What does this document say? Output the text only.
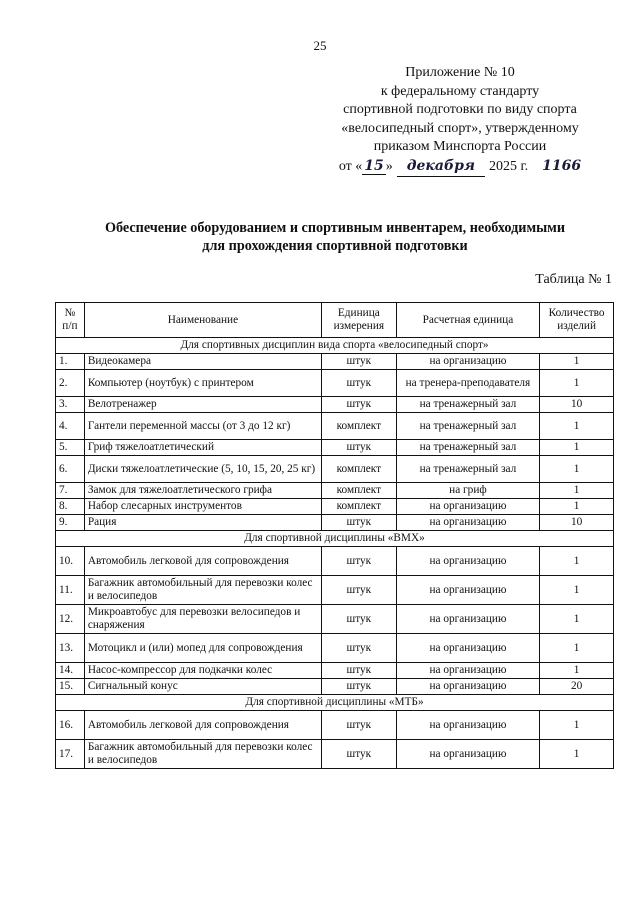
25
Приложение № 10
к федеральному стандарту
спортивной подготовки по виду спорта
«велосипедный спорт», утвержденному
приказом Минспорта России
от « 15 »	декабря	2025 г. 1166
Обеспечение оборудованием и спортивным инвентарем, необходимыми
для прохождения спортивной подготовки
Таблица № 1
№ п/п	Наименование	Единица измерения	Расчетная единица	Количество изделий
Для спортивных дисциплин вида спорта «велосипедный спорт»				
1.	Видеокамера	штук	на организацию	1
2.	Компьютер (ноутбук) с принтером	штук	на тренера-преподавателя	1
3.	Велотренажер	штук	на тренажерный зал	10
4.	Гантели переменной массы (от 3 до 12 кг)	комплект	на тренажерный зал	1
5.	Гриф тяжелоатлетический	штук	на тренажерный зал	1
6.	Диски тяжелоатлетические (5, 10, 15, 20, 25 кг)	комплект	на тренажерный зал	1
7.	Замок для тяжелоатлетического грифа	комплект	на гриф	1
8.	Набор слесарных инструментов	комплект	на организацию	1
9.	Рация	штук	на организацию	10
Для спортивной дисциплины «BMX»				
10.	Автомобиль легковой для сопровождения	штук	на организацию	1
11.	Багажник автомобильный для перевозки колес и велосипедов	штук	на организацию	1
12.	Микроавтобус для перевозки велосипедов и снаряжения	штук	на организацию	1
13.	Мотоцикл и (или) мопед для сопровождения	штук	на организацию	1
14.	Насос-компрессор для подкачки колес	штук	на организацию	1
15.	Сигнальный конус	штук	на организацию	20
Для спортивной дисциплины «МТБ»				
16.	Автомобиль легковой для сопровождения	штук	на организацию	1
17.	Багажник автомобильный для перевозки колес и велосипедов	штук	на организацию	1
